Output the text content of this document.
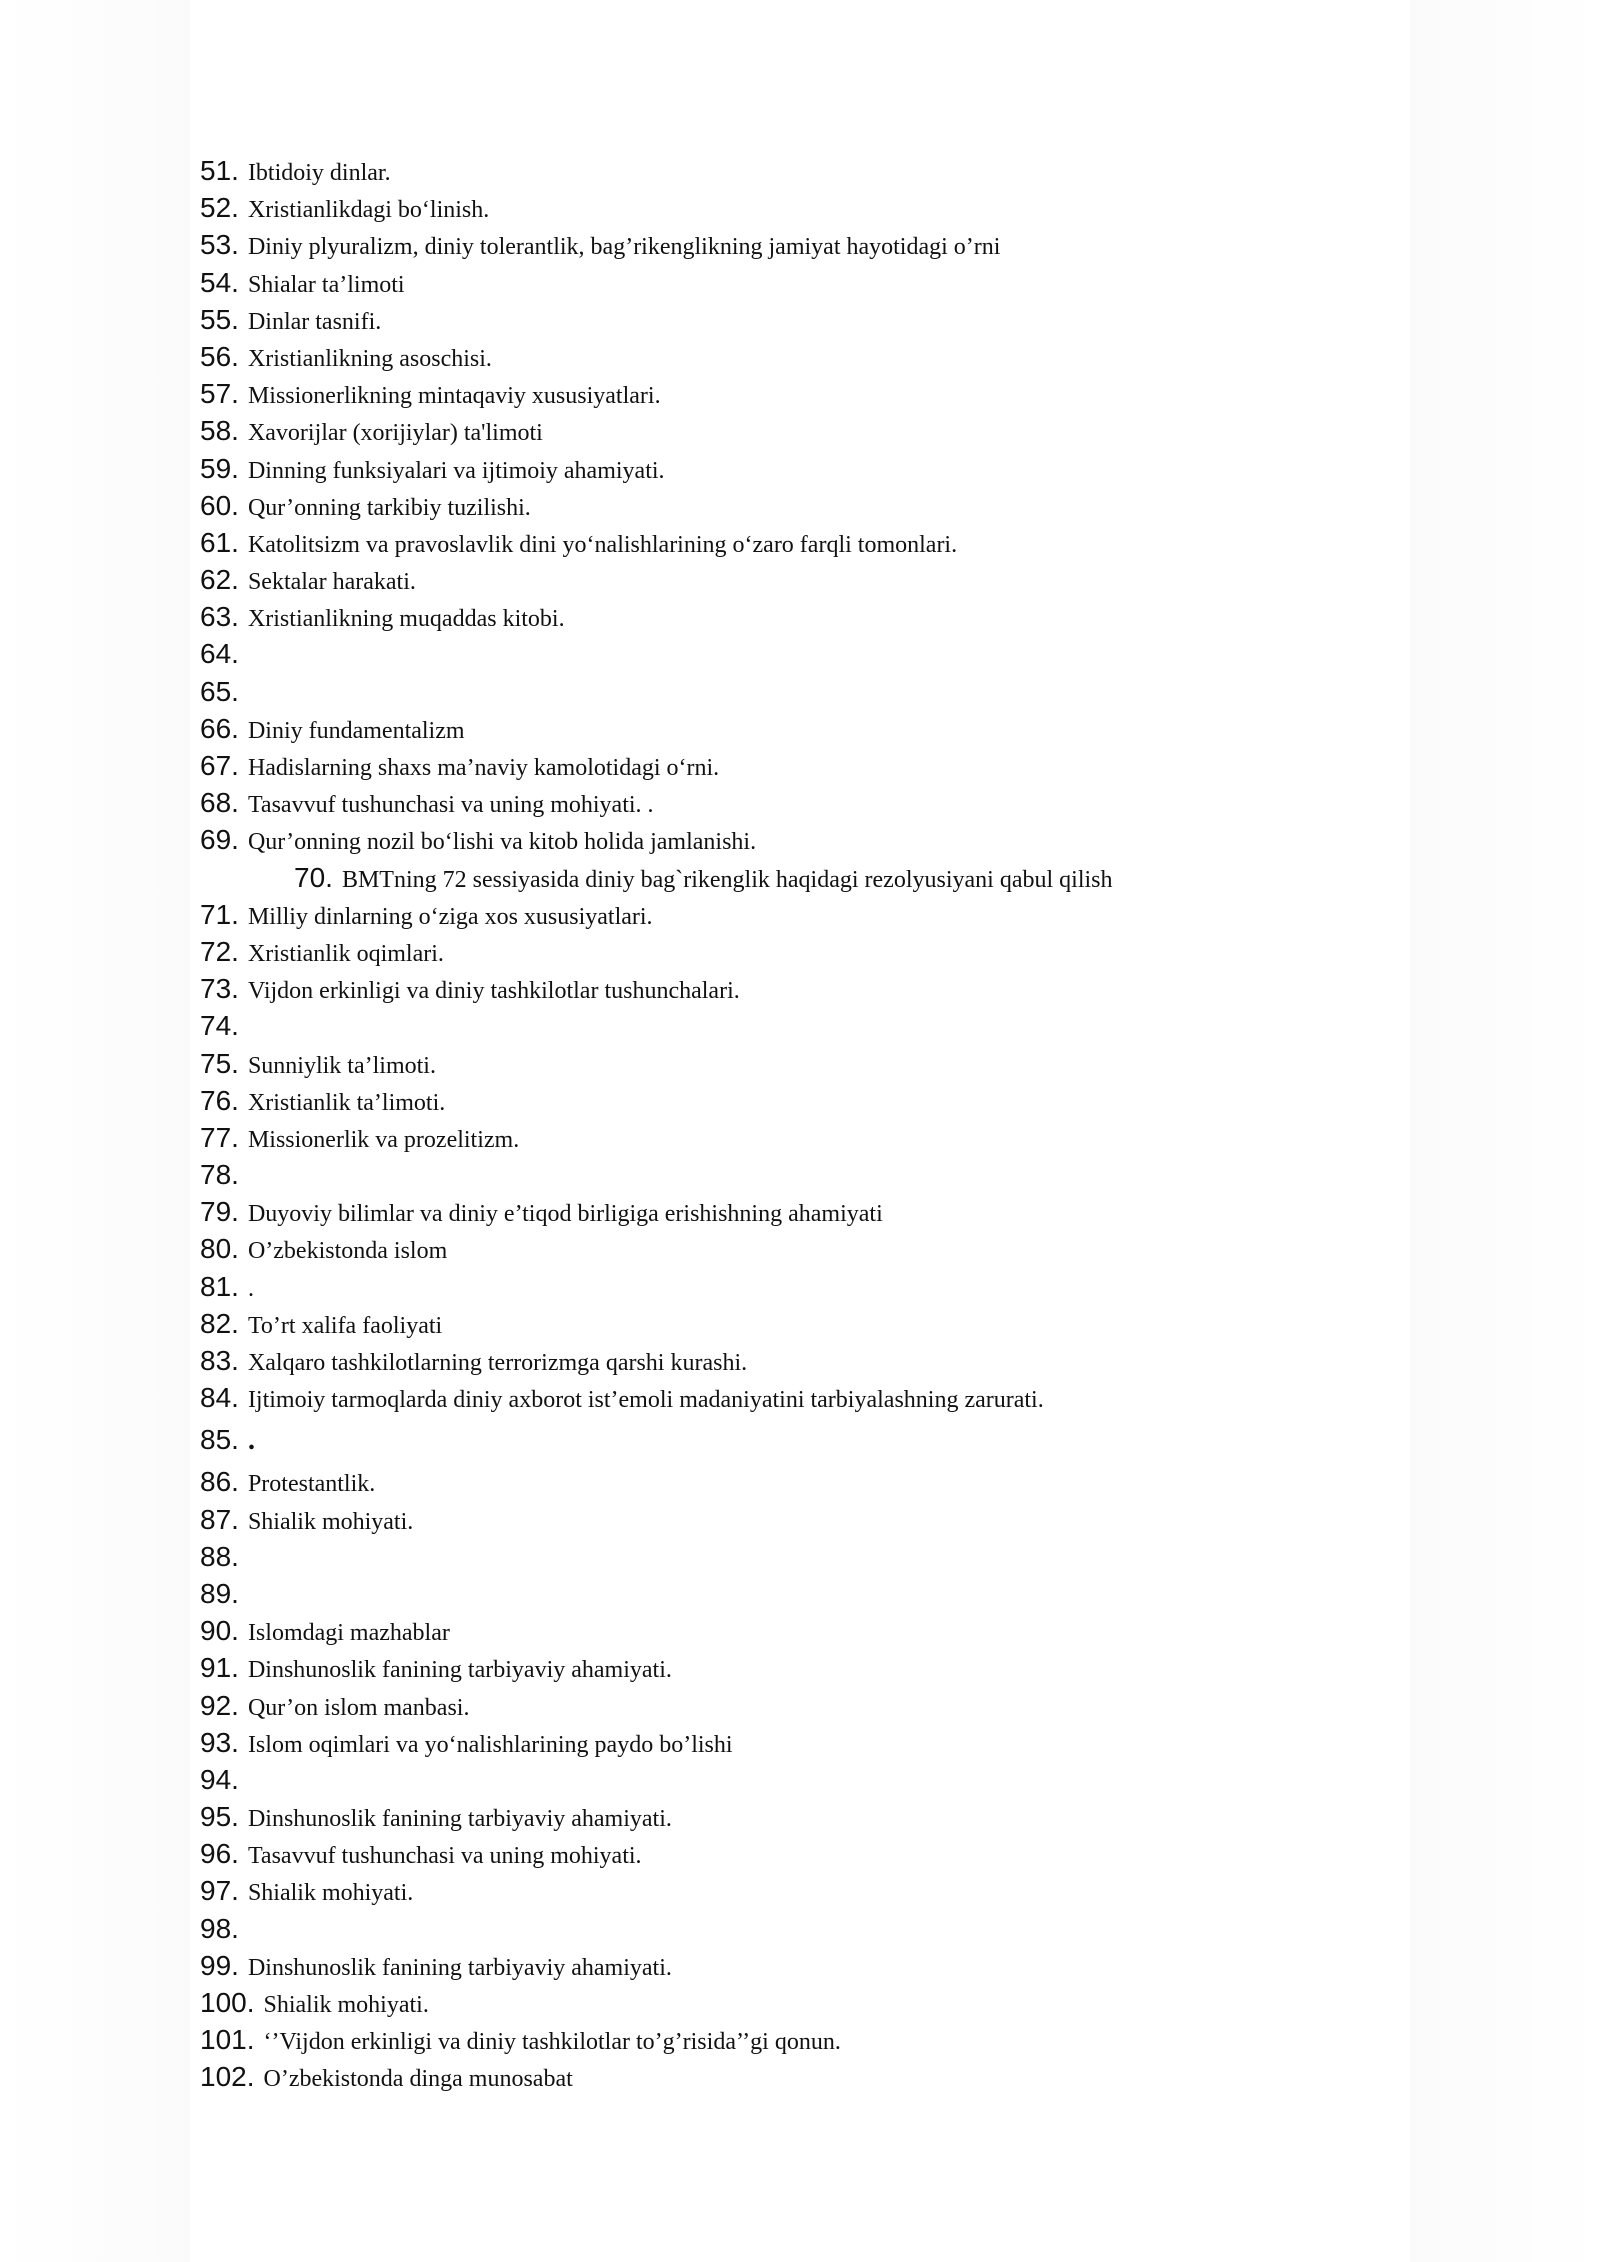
51. Ibtidoiy dinlar.
52. Xristianlikdagi bo‘linish.
53. Diniy plyuralizm, diniy tolerantlik, bag’rikenglikning jamiyat hayotidagi o’rni
54. Shialar ta’limoti
55. Dinlar tasnifi.
56. Xristianlikning asoschisi.
57. Missionerlikning mintaqaviy xususiyatlari.
58. Xavorijlar (xorijiylar) ta'limoti
59. Dinning funksiyalari va ijtimoiy ahamiyati.
60. Qur’onning tarkibiy tuzilishi.
61. Katolitsizm va pravoslavlik dini yo‘nalishlarining o‘zaro farqli tomonlari.
62. Sektalar harakati.
63. Xristianlikning muqaddas kitobi.
64.
65.
66. Diniy fundamentalizm
67. Hadislarning shaxs ma’naviy kamolotidagi o‘rni.
68. Tasavvuf tushunchasi va uning mohiyati. .
69. Qur’onning nozil bo‘lishi va kitob holida jamlanishi.
70. BMTning 72 sessiyasida diniy bag`rikenglik haqidagi rezolyusiyani qabul qilish
71. Milliy dinlarning o‘ziga xos xususiyatlari.
72. Xristianlik oqimlari.
73. Vijdon erkinligi va diniy tashkilotlar tushunchalari.
74.
75. Sunniylik ta’limoti.
76. Xristianlik ta’limoti.
77. Missionerlik va prozelitizm.
78.
79. Duyoviy bilimlar va diniy e’tiqod birligiga erishishning ahamiyati
80. O’zbekistonda islom
81. .
82. To’rt xalifa faoliyati
83. Xalqaro tashkilotlarning terrorizmga qarshi kurashi.
84. Ijtimoiy tarmoqlarda diniy axborot ist’emoli madaniyatini tarbiyalashning zarurati.
85. .
86. Protestantlik.
87. Shialik mohiyati.
88.
89.
90. Islomdagi mazhablar
91. Dinshunoslik fanining tarbiyaviy ahamiyati.
92. Qur’on islom manbasi.
93. Islom oqimlari va yo‘nalishlarining paydo bo’lishi
94.
95. Dinshunoslik fanining tarbiyaviy ahamiyati.
96. Tasavvuf tushunchasi va uning mohiyati.
97. Shialik mohiyati.
98.
99. Dinshunoslik fanining tarbiyaviy ahamiyati.
100. Shialik mohiyati.
101. ‘’Vijdon erkinligi va diniy tashkilotlar to’g’risida’’gi qonun.
102. O’zbekistonda dinga munosabat
